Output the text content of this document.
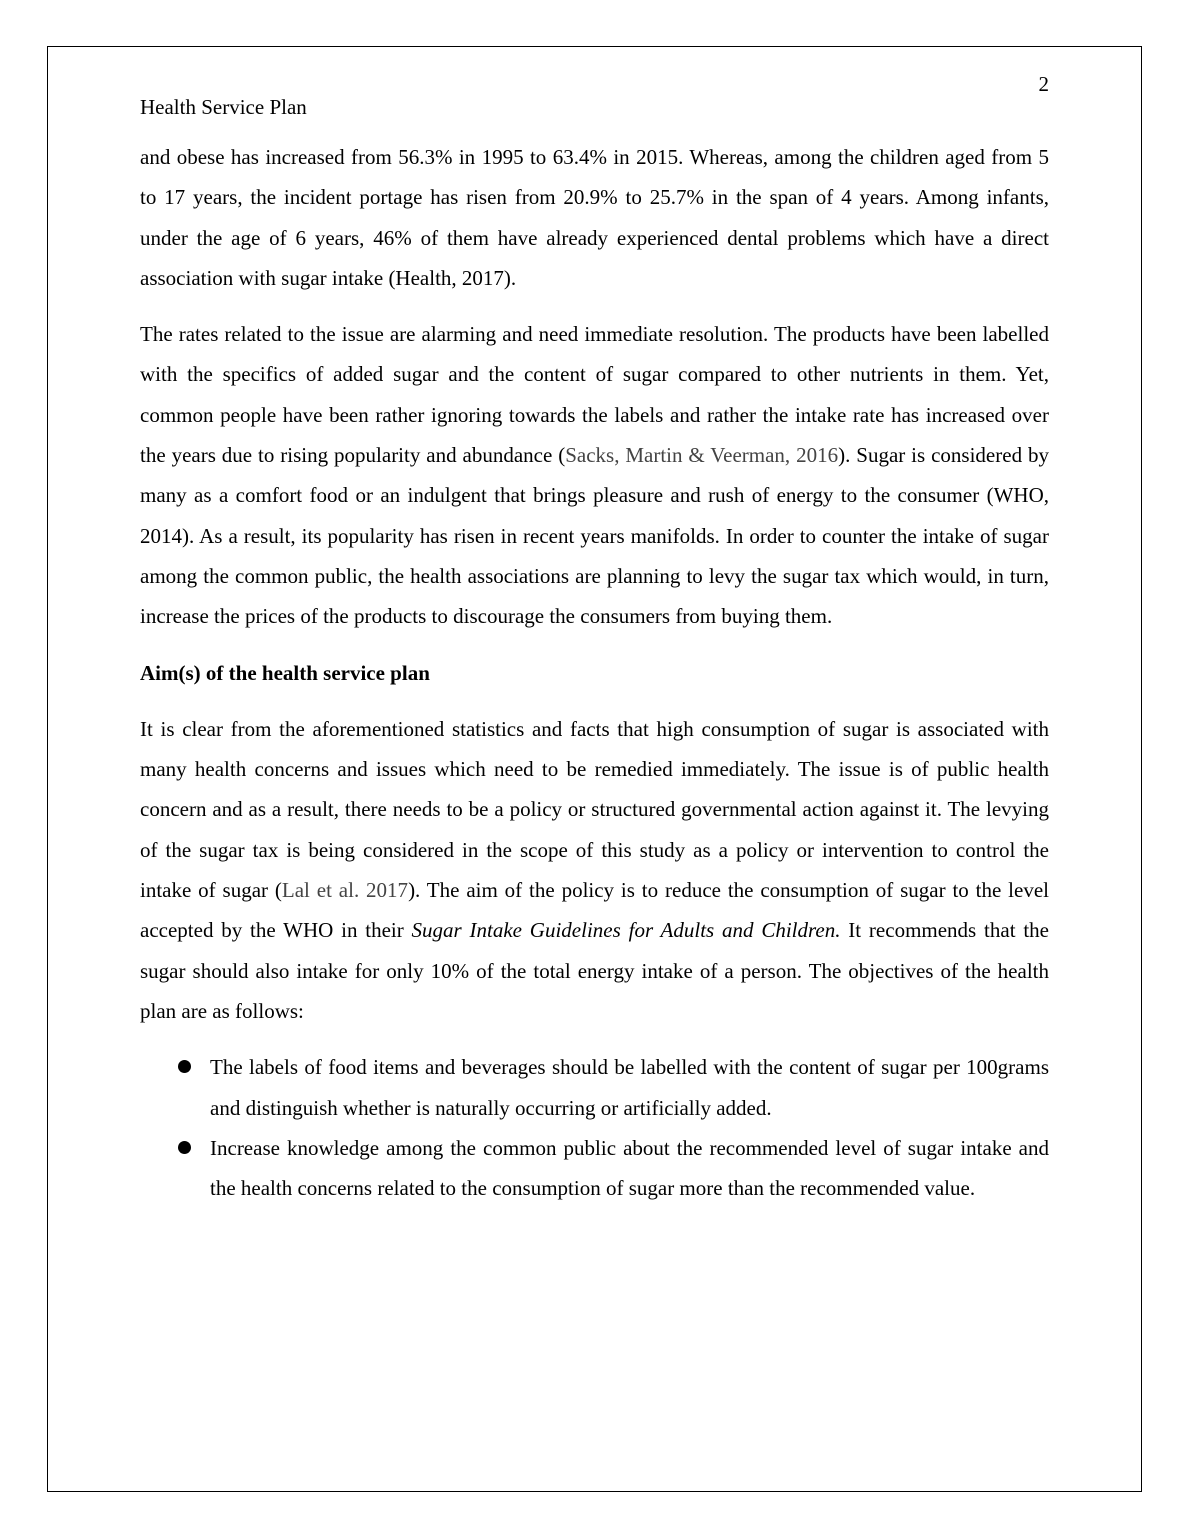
2
Health Service Plan

and obese has increased from 56.3% in 1995 to 63.4% in 2015. Whereas, among the children aged from 5 to 17 years, the incident portage has risen from 20.9% to 25.7% in the span of 4 years. Among infants, under the age of 6 years, 46% of them have already experienced dental problems which have a direct association with sugar intake (Health, 2017).

The rates related to the issue are alarming and need immediate resolution. The products have been labelled with the specifics of added sugar and the content of sugar compared to other nutrients in them. Yet, common people have been rather ignoring towards the labels and rather the intake rate has increased over the years due to rising popularity and abundance (Sacks, Martin & Veerman, 2016). Sugar is considered by many as a comfort food or an indulgent that brings pleasure and rush of energy to the consumer (WHO, 2014). As a result, its popularity has risen in recent years manifolds. In order to counter the intake of sugar among the common public, the health associations are planning to levy the sugar tax which would, in turn, increase the prices of the products to discourage the consumers from buying them.

Aim(s) of the health service plan

It is clear from the aforementioned statistics and facts that high consumption of sugar is associated with many health concerns and issues which need to be remedied immediately. The issue is of public health concern and as a result, there needs to be a policy or structured governmental action against it. The levying of the sugar tax is being considered in the scope of this study as a policy or intervention to control the intake of sugar (Lal et al. 2017). The aim of the policy is to reduce the consumption of sugar to the level accepted by the WHO in their Sugar Intake Guidelines for Adults and Children. It recommends that the sugar should also intake for only 10% of the total energy intake of a person. The objectives of the health plan are as follows:

The labels of food items and beverages should be labelled with the content of sugar per 100grams and distinguish whether is naturally occurring or artificially added.
Increase knowledge among the common public about the recommended level of sugar intake and the health concerns related to the consumption of sugar more than the recommended value.
